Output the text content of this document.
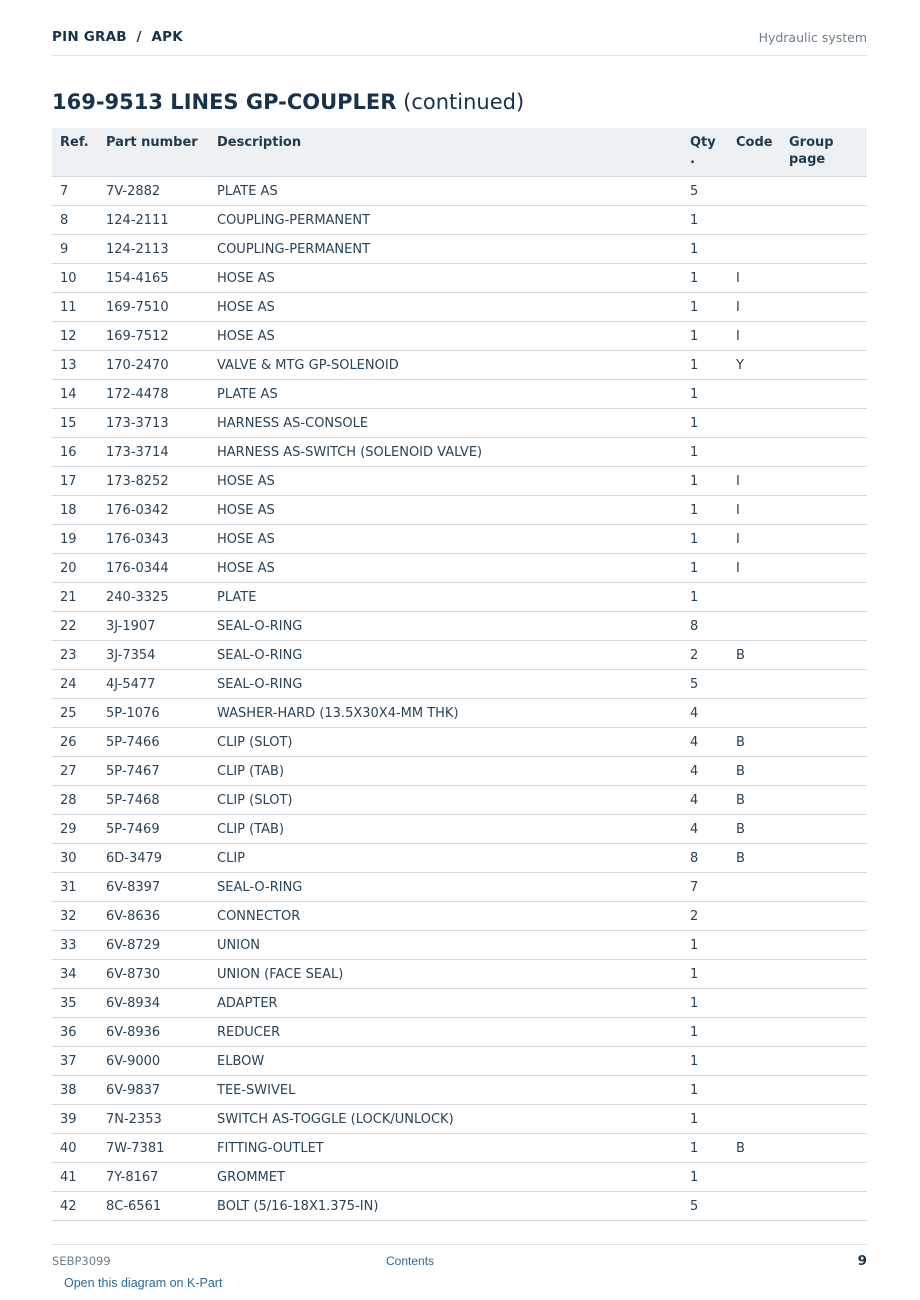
PIN GRAB  /  APK	Hydraulic system
169-9513 LINES GP-COUPLER (continued)
Ref.	Part number	Description	Qty .	Code	Group page
7	7V-2882	PLATE AS	5		
8	124-2111	COUPLING-PERMANENT	1		
9	124-2113	COUPLING-PERMANENT	1		
10	154-4165	HOSE AS	1	I	
11	169-7510	HOSE AS	1	I	
12	169-7512	HOSE AS	1	I	
13	170-2470	VALVE & MTG GP-SOLENOID	1	Y	
14	172-4478	PLATE AS	1		
15	173-3713	HARNESS AS-CONSOLE	1		
16	173-3714	HARNESS AS-SWITCH (SOLENOID VALVE)	1		
17	173-8252	HOSE AS	1	I	
18	176-0342	HOSE AS	1	I	
19	176-0343	HOSE AS	1	I	
20	176-0344	HOSE AS	1	I	
21	240-3325	PLATE	1		
22	3J-1907	SEAL-O-RING	8		
23	3J-7354	SEAL-O-RING	2	B	
24	4J-5477	SEAL-O-RING	5		
25	5P-1076	WASHER-HARD (13.5X30X4-MM THK)	4		
26	5P-7466	CLIP (SLOT)	4	B	
27	5P-7467	CLIP (TAB)	4	B	
28	5P-7468	CLIP (SLOT)	4	B	
29	5P-7469	CLIP (TAB)	4	B	
30	6D-3479	CLIP	8	B	
31	6V-8397	SEAL-O-RING	7		
32	6V-8636	CONNECTOR	2		
33	6V-8729	UNION	1		
34	6V-8730	UNION (FACE SEAL)	1		
35	6V-8934	ADAPTER	1		
36	6V-8936	REDUCER	1		
37	6V-9000	ELBOW	1		
38	6V-9837	TEE-SWIVEL	1		
39	7N-2353	SWITCH AS-TOGGLE (LOCK/UNLOCK)	1		
40	7W-7381	FITTING-OUTLET	1	B	
41	7Y-8167	GROMMET	1		
42	8C-6561	BOLT (5/16-18X1.375-IN)	5		
SEBP3099	Contents	9
Open this diagram on K-Part
